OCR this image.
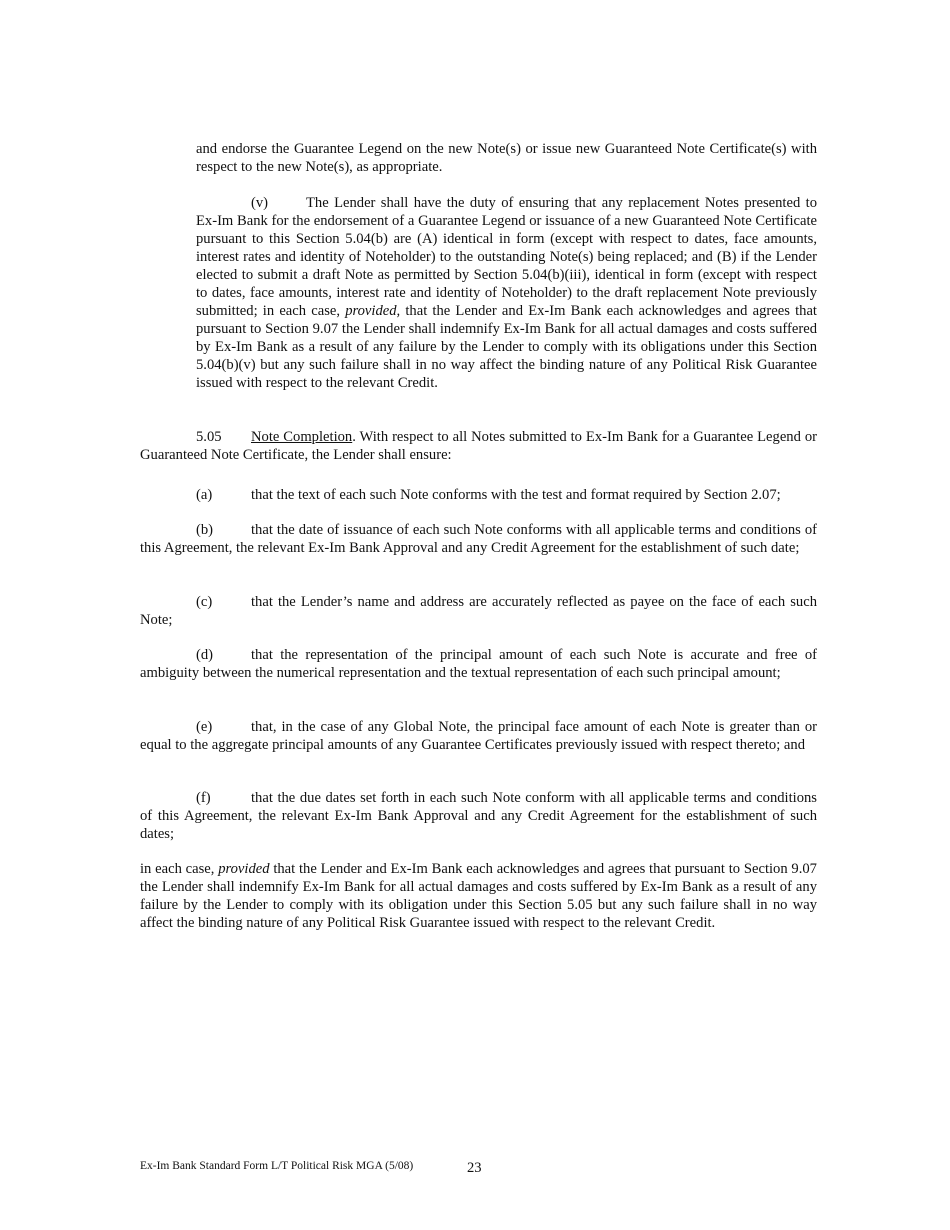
and endorse the Guarantee Legend on the new Note(s) or issue new Guaranteed Note Certificate(s) with respect to the new Note(s), as appropriate.

(v)	The Lender shall have the duty of ensuring that any replacement Notes presented to Ex-Im Bank for the endorsement of a Guarantee Legend or issuance of a new Guaranteed Note Certificate pursuant to this Section 5.04(b) are (A) identical in form (except with respect to dates, face amounts, interest rates and identity of Noteholder) to the outstanding Note(s) being replaced; and (B) if the Lender elected to submit a draft Note as permitted by Section 5.04(b)(iii), identical in form (except with respect to dates, face amounts, interest rate and identity of Noteholder) to the draft replacement Note previously submitted; in each case, provided, that the Lender and Ex-Im Bank each acknowledges and agrees that pursuant to Section 9.07 the Lender shall indemnify Ex-Im Bank for all actual damages and costs suffered by Ex-Im Bank as a result of any failure by the Lender to comply with its obligations under this Section 5.04(b)(v) but any such failure shall in no way affect the binding nature of any Political Risk Guarantee issued with respect to the relevant Credit.

5.05 Note Completion. With respect to all Notes submitted to Ex-Im Bank for a Guarantee Legend or Guaranteed Note Certificate, the Lender shall ensure:

(a)	that the text of each such Note conforms with the test and format required by Section 2.07;

(b)	that the date of issuance of each such Note conforms with all applicable terms and conditions of this Agreement, the relevant Ex-Im Bank Approval and any Credit Agreement for the establishment of such date;

(c)	that the Lender’s name and address are accurately reflected as payee on the face of each such Note;

(d)	that the representation of the principal amount of each such Note is accurate and free of ambiguity between the numerical representation and the textual representation of each such principal amount;

(e)	that, in the case of any Global Note, the principal face amount of each Note is greater than or equal to the aggregate principal amounts of any Guarantee Certificates previously issued with respect thereto; and

(f)	that the due dates set forth in each such Note conform with all applicable terms and conditions of this Agreement, the relevant Ex-Im Bank Approval and any Credit Agreement for the establishment of such dates;

in each case, provided that the Lender and Ex-Im Bank each acknowledges and agrees that pursuant to Section 9.07 the Lender shall indemnify Ex-Im Bank for all actual damages and costs suffered by Ex-Im Bank as a result of any failure by the Lender to comply with its obligation under this Section 5.05 but any such failure shall in no way affect the binding nature of any Political Risk Guarantee issued with respect to the relevant Credit.

Ex-Im Bank Standard Form L/T Political Risk MGA (5/08)	23
